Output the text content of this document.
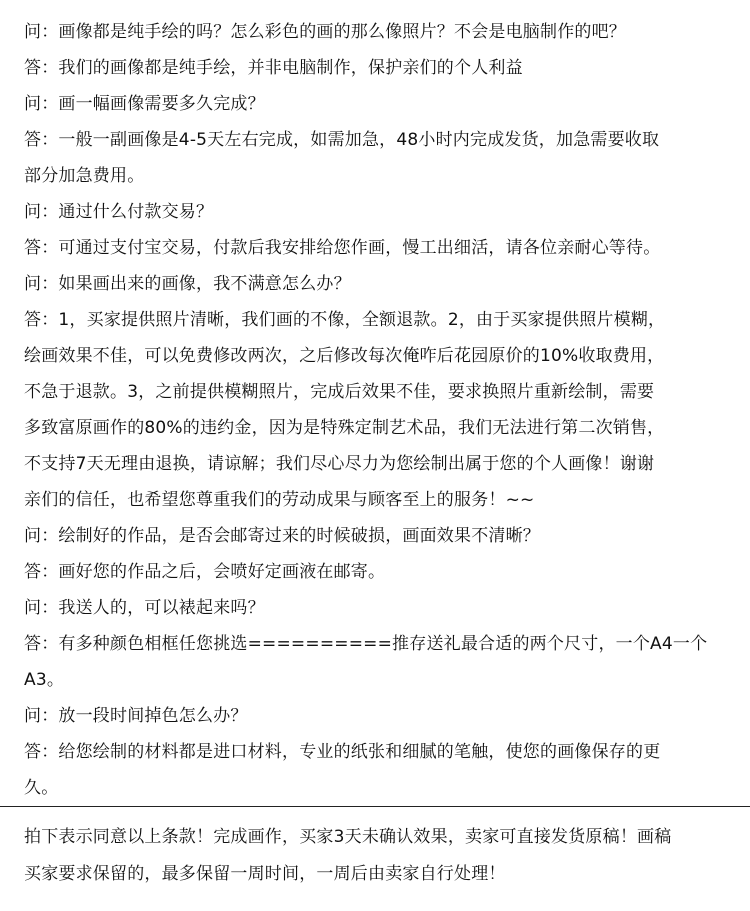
问：画像都是纯手绘的吗？怎么彩色的画的那么像照片？不会是电脑制作的吧？
答：我们的画像都是纯手绘，并非电脑制作，保护亲们的个人利益
问：画一幅画像需要多久完成？
答：一般一副画像是4-5天左右完成，如需加急，48小时内完成发货，加急需要收取
部分加急费用。
问：通过什么付款交易？
答：可通过支付宝交易，付款后我安排给您作画，慢工出细活，请各位亲耐心等待。
问：如果画出来的画像，我不满意怎么办？
答：1，买家提供照片清晰，我们画的不像，全额退款。2，由于买家提供照片模糊，
绘画效果不佳，可以免费修改两次，之后修改每次俺咋后花园原价的10%收取费用，
不急于退款。3，之前提供模糊照片，完成后效果不佳，要求换照片重新绘制，需要
多致富原画作的80%的违约金，因为是特殊定制艺术品，我们无法进行第二次销售，
不支持7天无理由退换，请谅解；我们尽心尽力为您绘制出属于您的个人画像！谢谢
亲们的信任，也希望您尊重我们的劳动成果与顾客至上的服务！~~
问：绘制好的作品，是否会邮寄过来的时候破损，画面效果不清晰？
答：画好您的作品之后，会喷好定画液在邮寄。
问：我送人的，可以裱起来吗？
答：有多种颜色相框任您挑选==========推存送礼最合适的两个尺寸，一个A4一个
A3。
问：放一段时间掉色怎么办？
答：给您绘制的材料都是进口材料，专业的纸张和细腻的笔触，使您的画像保存的更
久。
拍下表示同意以上条款！完成画作，买家3天未确认效果，卖家可直接发货原稿！画稿
买家要求保留的，最多保留一周时间，一周后由卖家自行处理！
